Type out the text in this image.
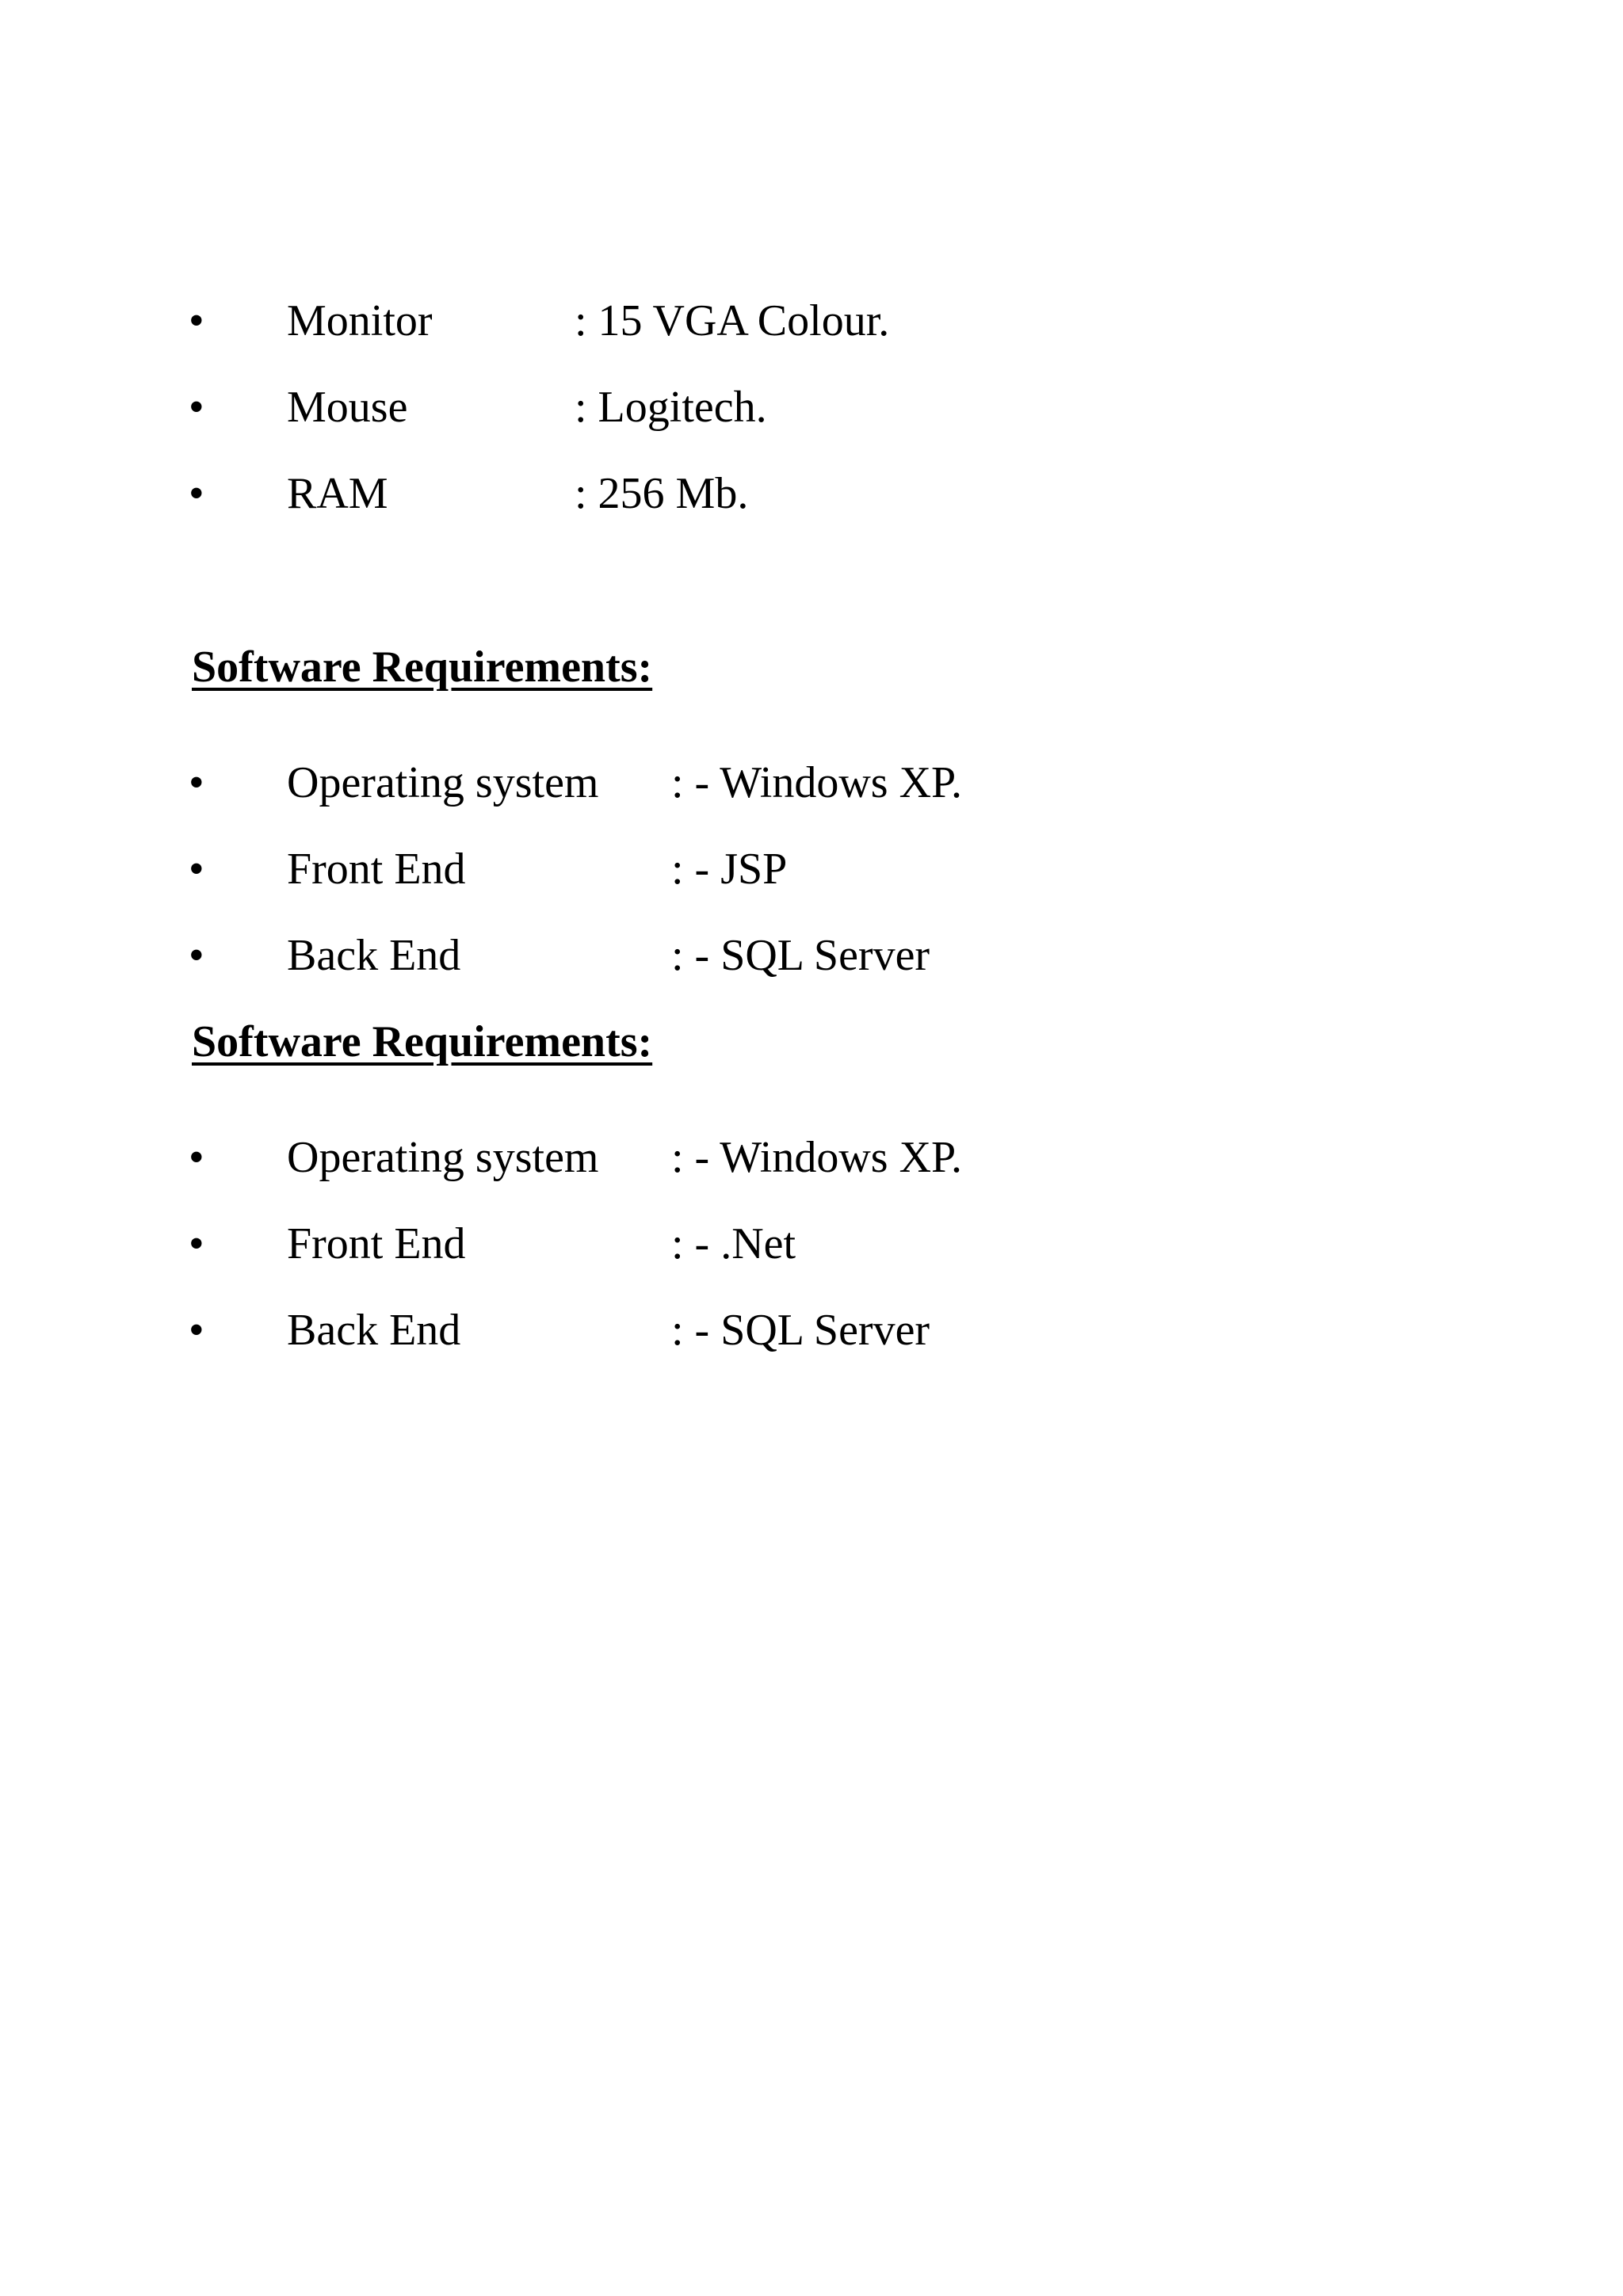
• Monitor	: 15 VGA Colour.
• Mouse	: Logitech.
• RAM	: 256 Mb.
Software Requirements:
• Operating system : - Windows XP.
• Front End	: - JSP
• Back End	: - SQL Server
Software Requirements:
• Operating system : - Windows XP.
• Front End	: - .Net
• Back End	: - SQL Server
